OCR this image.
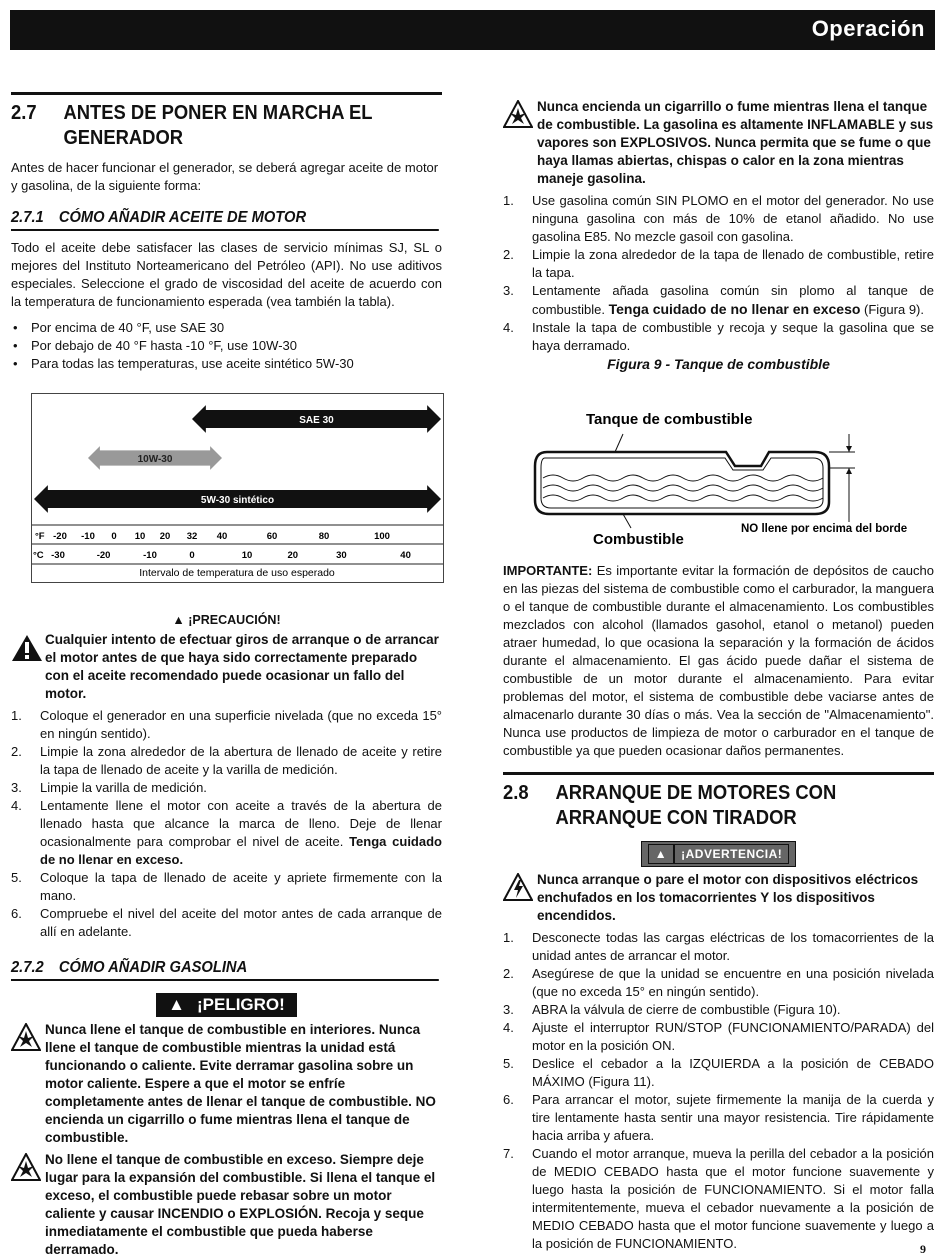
Operación
2.7	ANTES DE PONER EN MARCHA EL GENERADOR

Antes de hacer funcionar el generador, se deberá agregar aceite de motor y gasolina, de la siguiente forma:

2.7.1 CÓMO AÑADIR ACEITE DE MOTOR

Todo el aceite debe satisfacer las clases de servicio mínimas SJ, SL o mejores del Instituto Norteamericano del Petróleo (API). No use aditivos especiales. Seleccione el grado de viscosidad del aceite de acuerdo con la temperatura de funcionamiento esperada (vea también la tabla).

• Por encima de 40 °F, use SAE 30
• Por debajo de 40 °F hasta -10 °F, use 10W-30
• Para todas las temperaturas, use aceite sintético 5W-30
SAE 30
10W-30
5W-30 sintético
°F -20 -10 0 10 20 32 40	60	80	100
°C -30	-20	-10	0	10	20	30	40
Intervalo de temperatura de uso esperado
▲ ¡PRECAUCIÓN!
Cualquier intento de efectuar giros de arranque o de arrancar el motor antes de que haya sido correctamente preparado con el aceite recomendado puede ocasionar un fallo del motor.
1.	Coloque el generador en una superficie nivelada (que no exceda 15° en ningún sentido).
2.	Limpie la zona alrededor de la abertura de llenado de aceite y retire la tapa de llenado de aceite y la varilla de medición.
3.	Limpie la varilla de medición.
4.	Lentamente llene el motor con aceite a través de la abertura de llenado hasta que alcance la marca de lleno. Deje de llenar ocasionalmente para comprobar el nivel de aceite. Tenga cuidado de no llenar en exceso.
5.	Coloque la tapa de llenado de aceite y apriete firmemente con la mano.
6.	Compruebe el nivel del aceite del motor antes de cada arranque de allí en adelante.
2.7.2 CÓMO AÑADIR GASOLINA
▲¡PELIGRO!
Nunca llene el tanque de combustible en interiores. Nunca llene el tanque de combustible mientras la unidad está funcionando o caliente. Evite derramar gasolina sobre un motor caliente. Espere a que el motor se enfríe completamente antes de llenar el tanque de combustible. NO encienda un cigarrillo o fume mientras llena el tanque de combustible.
No llene el tanque de combustible en exceso. Siempre deje lugar para la expansión del combustible. Si llena el tanque el exceso, el combustible puede rebasar sobre un motor caliente y causar INCENDIO o EXPLOSIÓN. Recoja y seque inmediatamente el combustible que pueda haberse derramado.
Nunca encienda un cigarrillo o fume mientras llena el tanque de combustible. La gasolina es altamente INFLAMABLE y sus vapores son EXPLOSIVOS. Nunca permita que se fume o que haya llamas abiertas, chispas o calor en la zona mientras maneje gasolina.
1.	Use gasolina común SIN PLOMO en el motor del generador. No use ninguna gasolina con más de 10% de etanol añadido. No use gasolina E85. No mezcle gasoil con gasolina.
2.	Limpie la zona alrededor de la tapa de llenado de combustible, retire la tapa.
3.	Lentamente añada gasolina común sin plomo al tanque de combustible. Tenga cuidado de no llenar en exceso (Figura 9).
4.	Instale la tapa de combustible y recoja y seque la gasolina que se haya derramado.
Figura 9 - Tanque de combustible
Tanque de combustible
Combustible
NO llene por encima del borde

IMPORTANTE: Es importante evitar la formación de depósitos de caucho en las piezas del sistema de combustible como el carburador, la manguera o el tanque de combustible durante el almacenamiento. Los combustibles mezclados con alcohol (llamados gasohol, etanol o metanol) pueden atraer humedad, lo que ocasiona la separación y la formación de ácidos durante el almacenamiento. El gas ácido puede dañar el sistema de combustible de un motor durante el almacenamiento. Para evitar problemas del motor, el sistema de combustible debe vaciarse antes de almacenarlo durante 30 días o más. Vea la sección de "Almacenamiento". Nunca use productos de limpieza de motor o carburador en el tanque de combustible ya que pueden ocasionar daños permanentes.

2.8	ARRANQUE DE MOTORES CON ARRANQUE CON TIRADOR
▲ ¡ADVERTENCIA!
Nunca arranque o pare el motor con dispositivos eléctricos enchufados en los tomacorrientes Y los dispositivos encendidos.
1.	Desconecte todas las cargas eléctricas de los tomacorrientes de la unidad antes de arrancar el motor.
2.	Asegúrese de que la unidad se encuentre en una posición nivelada (que no exceda 15° en ningún sentido).
3.	ABRA la válvula de cierre de combustible (Figura 10).
4.	Ajuste el interruptor RUN/STOP (FUNCIONAMIENTO/PARADA) del motor en la posición ON.
5.	Deslice el cebador a la IZQUIERDA a la posición de CEBADO MÁXIMO (Figura 11).
6.	Para arrancar el motor, sujete firmemente la manija de la cuerda y tire lentamente hasta sentir una mayor resistencia. Tire rápidamente hacia arriba y afuera.
7.	Cuando el motor arranque, mueva la perilla del cebador a la posición de MEDIO CEBADO hasta que el motor funcione suavemente y luego hasta la posición de FUNCIONAMIENTO. Si el motor falla intermitentemente, mueva el cebador nuevamente a la posición de MEDIO CEBADO hasta que el motor funcione suavemente y luego a la posición de FUNCIONAMIENTO.	9
